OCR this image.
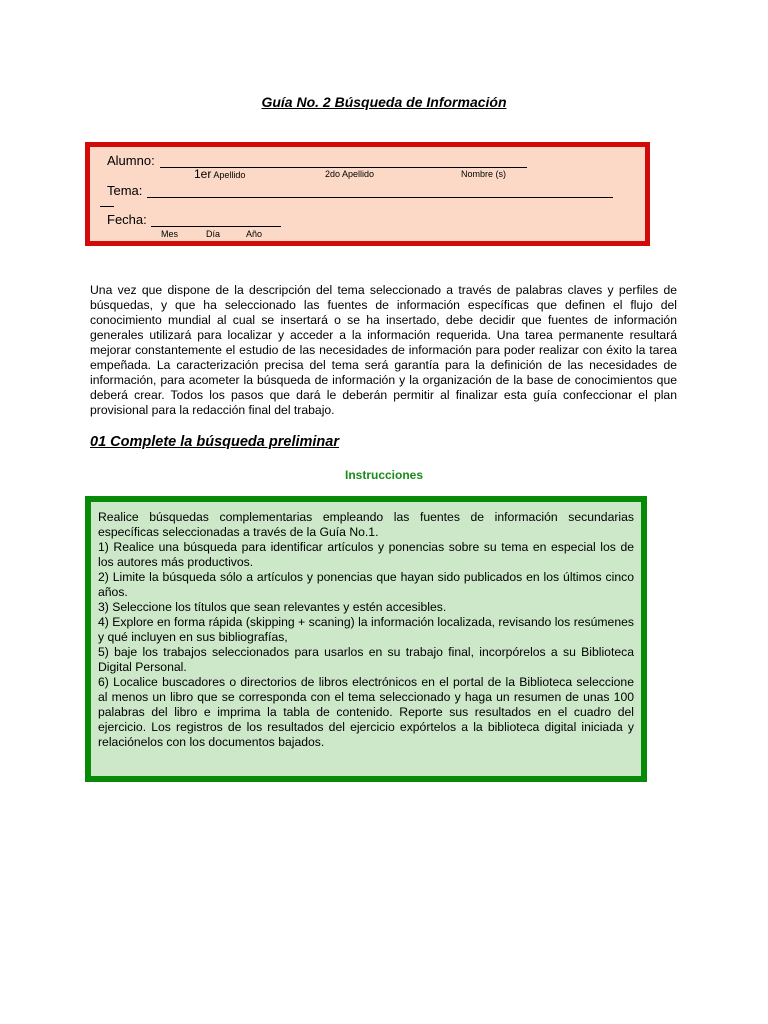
Guía No. 2 Búsqueda de Información
Alumno:
1er Apellido	2do Apellido	Nombre (s)
Tema:
Fecha:
Mes	Día	Año
Una vez que dispone de la descripción del tema seleccionado a través de palabras claves y perfiles de búsquedas, y que ha seleccionado las fuentes de información específicas que definen el flujo del conocimiento mundial al cual se insertará o se ha insertado, debe decidir que fuentes de información generales utilizará para localizar y acceder a la información requerida. Una tarea permanente resultará mejorar constantemente el estudio de las necesidades de información para poder realizar con éxito la tarea empeñada. La caracterización precisa del tema será garantía para la definición de las necesidades de información, para acometer la búsqueda de información y la organización de la base de conocimientos que deberá crear. Todos los pasos que dará le deberán permitir al finalizar esta guía confeccionar el plan provisional para la redacción final del trabajo.
01 Complete la búsqueda preliminar
Instrucciones

Realice búsquedas complementarias empleando las fuentes de información secundarias específicas seleccionadas a través de la Guía No.1.

1) Realice una búsqueda para identificar artículos y ponencias sobre su tema en especial los de los autores más productivos.

2) Limite la búsqueda sólo a artículos y ponencias que hayan sido publicados en los últimos cinco años.

3) Seleccione los títulos que sean relevantes y estén accesibles.

4) Explore en forma rápida (skipping + scaning) la información localizada, revisando los resúmenes y qué incluyen en sus bibliografías,

5) baje los trabajos seleccionados para usarlos en su trabajo final, incorpórelos a su Biblioteca Digital Personal.

6) Localice buscadores o directorios de libros electrónicos en el portal de la Biblioteca seleccione al menos un libro que se corresponda con el tema seleccionado y haga un resumen de unas 100 palabras del libro e imprima la tabla de contenido. Reporte sus resultados en el cuadro del ejercicio. Los registros de los resultados del ejercicio expórtelos a la biblioteca digital iniciada y relaciónelos con los documentos bajados.
